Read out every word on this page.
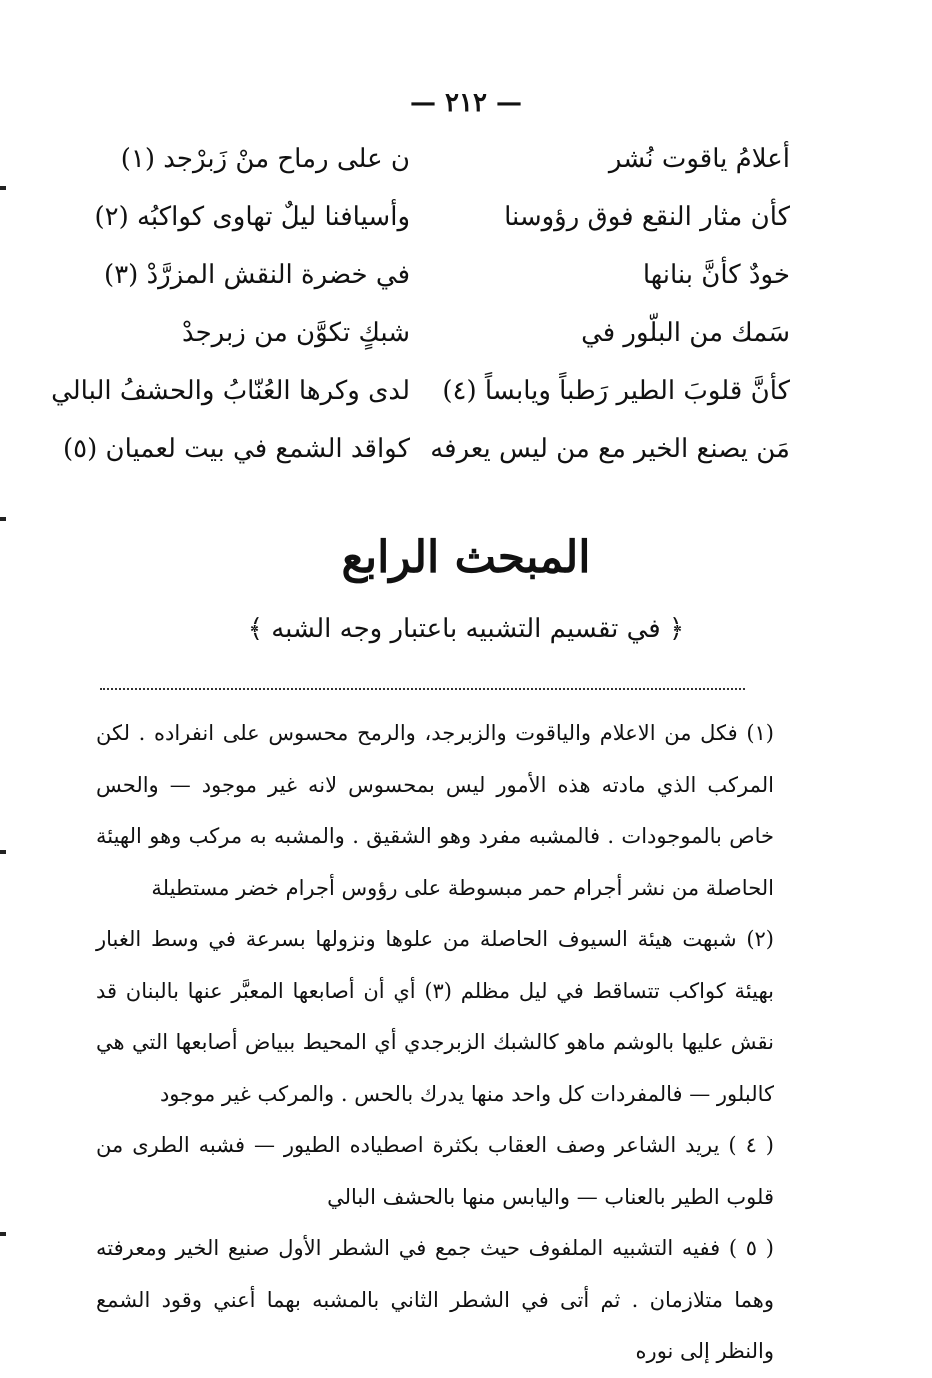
— ٢١٢ —
أعلامُ ياقوت نُشر
ن على رماح منْ زَبرْجد (١)
كأن مثار النقع فوق رؤوسنا
وأسيافنا ليلٌ تهاوى كواكبُه (٢)
خودٌ كأنَّ بنانها
في خضرة النقش المزرَّدْ (٣)
سَمك من البلّور في
شبكٍ تكوَّن من زبرجدْ
كأنَّ قلوبَ الطير رَطباً ويابساً (٤)
لدى وكرها العُنّابُ والحشفُ البالي
مَن يصنع الخير مع من ليس يعرفه
كواقد الشمع في بيت لعميان (٥)
المبحث الرابع
﴿ في تقسيم التشبيه باعتبار وجه الشبه ﴾

(١) فكل من الاعلام والياقوت والزبرجد، والرمح محسوس على انفراده . لكن المركب الذي مادته هذه الأمور ليس بمحسوس لانه غير موجود — والحس خاص بالموجودات . فالمشبه مفرد وهو الشقيق . والمشبه به مركب وهو الهيئة الحاصلة من نشر أجرام حمر مبسوطة على رؤوس أجرام خضر مستطيلة

(٢) شبهت هيئة السيوف الحاصلة من علوها ونزولها بسرعة في وسط الغبار بهيئة كواكب تتساقط في ليل مظلم (٣) أي أن أصابعها المعبَّر عنها بالبنان قد نقش عليها بالوشم ماهو كالشبك الزبرجدي أي المحيط ببياض أصابعها التي هي كالبلور — فالمفردات كل واحد منها يدرك بالحس . والمركب غير موجود

( ٤ ) يريد الشاعر وصف العقاب بكثرة اصطياده الطيور — فشبه الطرى من قلوب الطير بالعناب — واليابس منها بالحشف البالي

( ٥ ) ففيه التشبيه الملفوف حيث جمع في الشطر الأول صنيع الخير ومعرفته وهما متلازمان . ثم أتى في الشطر الثاني بالمشبه بهما أعني وقود الشمع والنظر إلى نوره
